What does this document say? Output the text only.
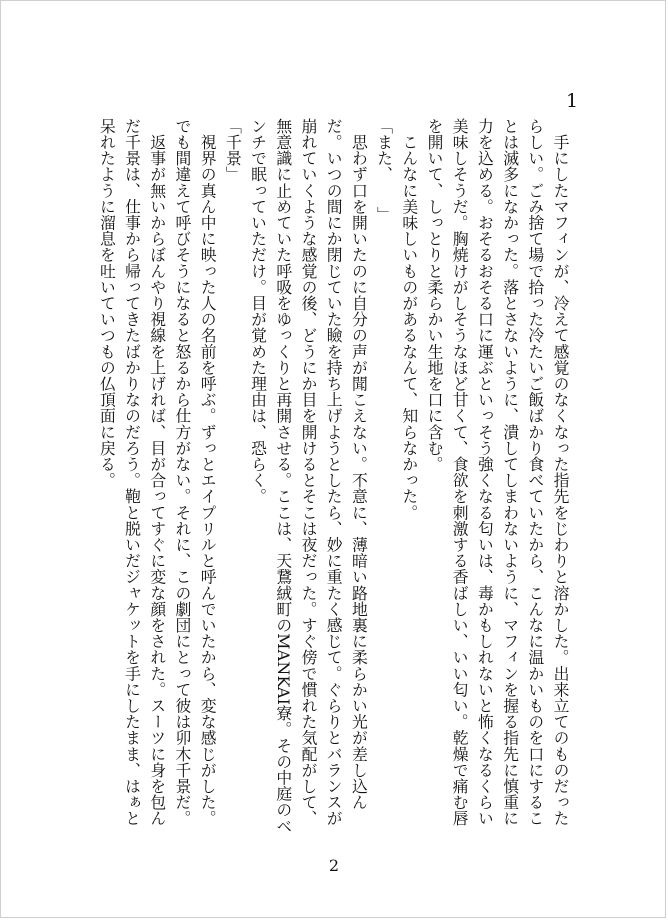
1

　手にしたマフィンが、冷えて感覚のなくなった指先をじわりと溶かした。出来立てのものだったらしい。ごみ捨て場で拾った冷たいご飯ばかり食べていたから、こんなに温かいものを口にすることは滅多になかった。落とさないように、潰してしまわないように、マフィンを握る指先に慎重に力を込める。おそるおそる口に運ぶといっそう強くなる匂いは、毒かもしれないと怖くなるくらい美味しそうだ。胸焼けがしそうなほど甘くて、食欲を刺激する香ばしい、いい匂い。乾燥で痛む唇を開いて、しっとりと柔らかい生地を口に含む。

　こんなに美味しいものがあるなんて、知らなかった。

「また、　　」

　思わず口を開いたのに自分の声が聞こえない。不意に、薄暗い路地裏に柔らかい光が差し込んだ。いつの間にか閉じていた瞼を持ち上げようとしたら、妙に重たく感じて。ぐらりとバランスが崩れていくような感覚の後、どうにか目を開けるとそこは夜だった。すぐ傍で慣れた気配がして、無意識に止めていた呼吸をゆっくりと再開させる。ここは、天鵞絨町のMANKAI寮。その中庭のベンチで眠っていただけ。目が覚めた理由は、恐らく。

「千景」

　視界の真ん中に映った人の名前を呼ぶ。ずっとエイプリルと呼んでいたから、変な感じがした。でも間違えて呼びそうになると怒るから仕方がない。それに、この劇団にとって彼は卯木千景だ。

　返事が無いからぼんやり視線を上げれば、目が合ってすぐに変な顔をされた。スーツに身を包んだ千景は、仕事から帰ってきたばかりなのだろう。鞄と脱いだジャケットを手にしたまま、はぁと呆れたように溜息を吐いていつもの仏頂面に戻る。

2
